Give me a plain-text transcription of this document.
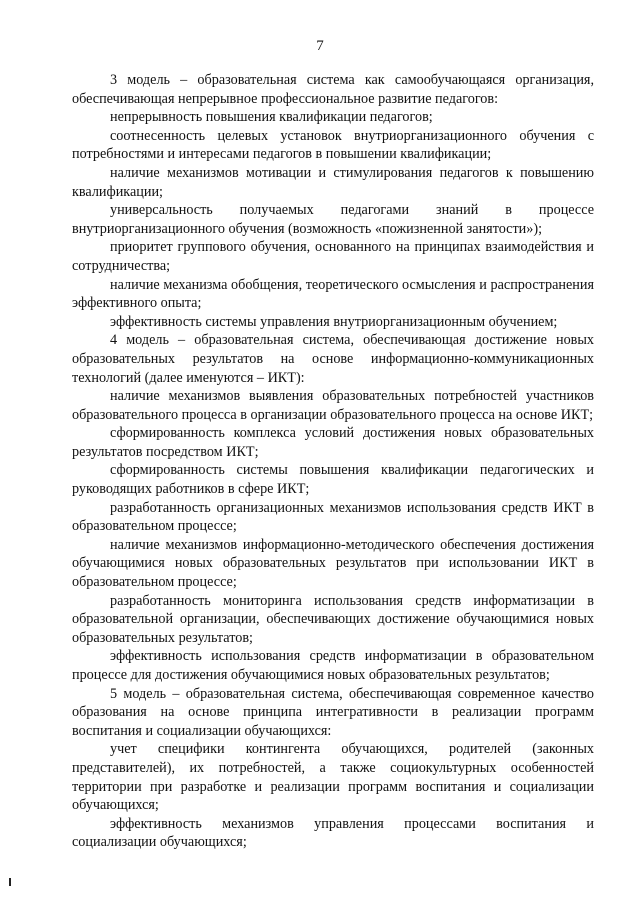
7

3 модель – образовательная система как самообучающаяся организация, обеспечивающая непрерывное профессиональное развитие педагогов:

непрерывность повышения квалификации педагогов;

соотнесенность целевых установок внутриорганизационного обучения с потребностями и интересами педагогов в повышении квалификации;

наличие механизмов мотивации и стимулирования педагогов к повышению квалификации;

универсальность получаемых педагогами знаний в процессе внутриорганизационного обучения (возможность «пожизненной занятости»);

приоритет группового обучения, основанного на принципах взаимодействия и сотрудничества;

наличие механизма обобщения, теоретического осмысления и распространения эффективного опыта;

эффективность системы управления внутриорганизационным обучением;

4 модель – образовательная система, обеспечивающая достижение новых образовательных результатов на основе информационно-коммуникационных технологий (далее именуются – ИКТ):

наличие механизмов выявления образовательных потребностей участников образовательного процесса в организации образовательного процесса на основе ИКТ;

сформированность комплекса условий достижения новых образовательных результатов посредством ИКТ;

сформированность системы повышения квалификации педагогических и руководящих работников в сфере ИКТ;

разработанность организационных механизмов использования средств ИКТ в образовательном процессе;

наличие механизмов информационно-методического обеспечения достижения обучающимися новых образовательных результатов при использовании ИКТ в образовательном процессе;

разработанность мониторинга использования средств информатизации в образовательной организации, обеспечивающих достижение обучающимися новых образовательных результатов;

эффективность использования средств информатизации в образовательном процессе для достижения обучающимися новых образовательных результатов;

5 модель – образовательная система, обеспечивающая современное качество образования на основе принципа интегративности в реализации программ воспитания и социализации обучающихся:

учет специфики контингента обучающихся, родителей (законных представителей), их потребностей, а также социокультурных особенностей территории при разработке и реализации программ воспитания и социализации обучающихся;

эффективность механизмов управления процессами воспитания и социализации обучающихся;
